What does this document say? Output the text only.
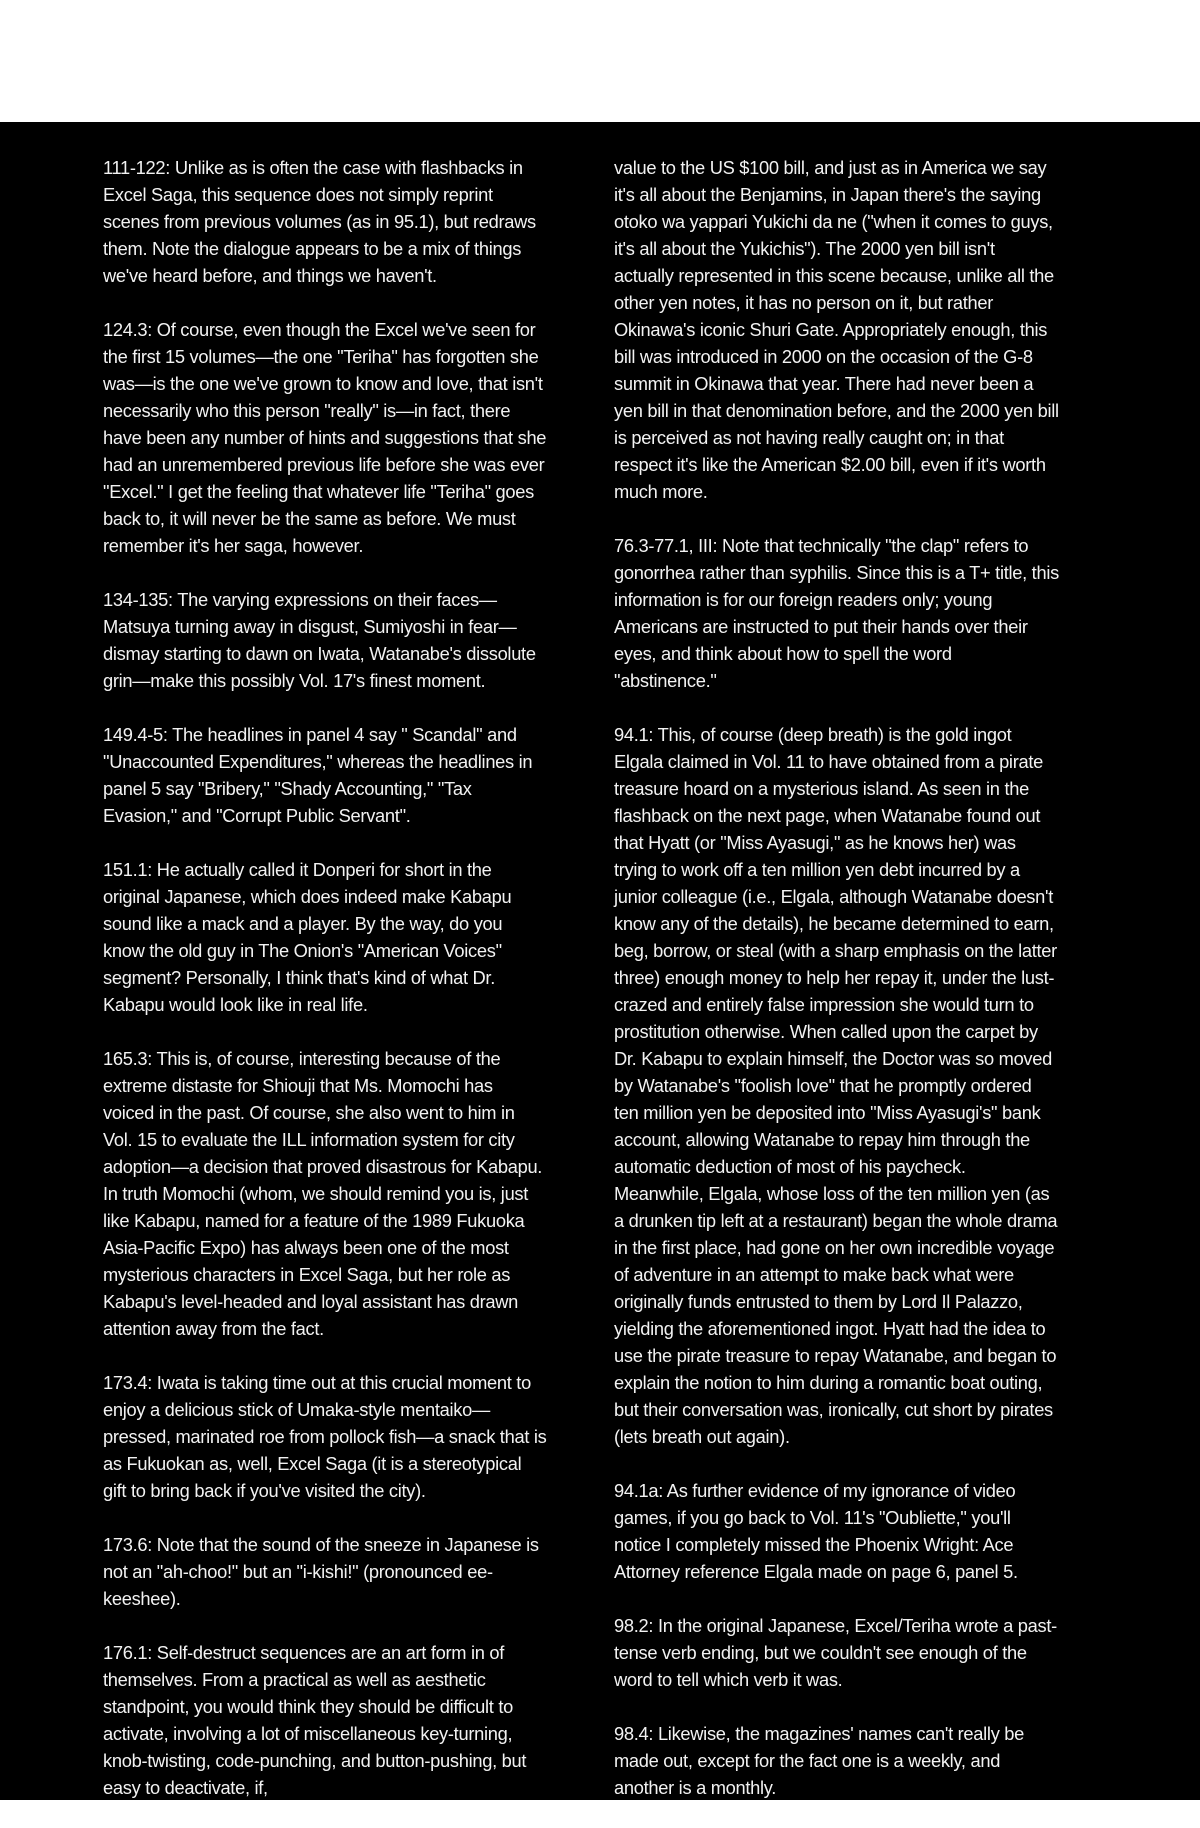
111-122: Unlike as is often the case with flashbacks in Excel Saga, this sequence does not simply reprint scenes from previous volumes (as in 95.1), but redraws them. Note the dialogue appears to be a mix of things we've heard before, and things we haven't.

124.3: Of course, even though the Excel we've seen for the first 15 volumes—the one "Teriha" has forgotten she was—is the one we've grown to know and love, that isn't necessarily who this person "really" is—in fact, there have been any number of hints and suggestions that she had an unremembered previous life before she was ever "Excel." I get the feeling that whatever life "Teriha" goes back to, it will never be the same as before. We must remember it's her saga, however.

134-135: The varying expressions on their faces—Matsuya turning away in disgust, Sumiyoshi in fear—dismay starting to dawn on Iwata, Watanabe's dissolute grin—make this possibly Vol. 17's finest moment.

149.4-5: The headlines in panel 4 say " Scandal" and "Unaccounted Expenditures," whereas the headlines in panel 5 say "Bribery," "Shady Accounting," "Tax Evasion," and "Corrupt Public Servant".

151.1: He actually called it Donperi for short in the original Japanese, which does indeed make Kabapu sound like a mack and a player. By the way, do you know the old guy in The Onion's "American Voices" segment? Personally, I think that's kind of what Dr. Kabapu would look like in real life.

165.3: This is, of course, interesting because of the extreme distaste for Shiouji that Ms. Momochi has voiced in the past. Of course, she also went to him in Vol. 15 to evaluate the ILL information system for city adoption—a decision that proved disastrous for Kabapu. In truth Momochi (whom, we should remind you is, just like Kabapu, named for a feature of the 1989 Fukuoka Asia-Pacific Expo) has always been one of the most mysterious characters in Excel Saga, but her role as Kabapu's level-headed and loyal assistant has drawn attention away from the fact.

173.4: Iwata is taking time out at this crucial moment to enjoy a delicious stick of Umaka-style mentaiko—pressed, marinated roe from pollock fish—a snack that is as Fukuokan as, well, Excel Saga (it is a stereotypical gift to bring back if you've visited the city).

173.6: Note that the sound of the sneeze in Japanese is not an "ah-choo!" but an "i-kishi!" (pronounced ee-keeshee).

176.1: Self-destruct sequences are an art form in of themselves. From a practical as well as aesthetic standpoint, you would think they should be difficult to activate, involving a lot of miscellaneous key-turning, knob-twisting, code-punching, and button-pushing, but easy to deactivate, if,

value to the US $100 bill, and just as in America we say it's all about the Benjamins, in Japan there's the saying otoko wa yappari Yukichi da ne ("when it comes to guys, it's all about the Yukichis"). The 2000 yen bill isn't actually represented in this scene because, unlike all the other yen notes, it has no person on it, but rather Okinawa's iconic Shuri Gate. Appropriately enough, this bill was introduced in 2000 on the occasion of the G-8 summit in Okinawa that year. There had never been a yen bill in that denomination before, and the 2000 yen bill is perceived as not having really caught on; in that respect it's like the American $2.00 bill, even if it's worth much more.

76.3-77.1, III: Note that technically "the clap" refers to gonorrhea rather than syphilis. Since this is a T+ title, this information is for our foreign readers only; young Americans are instructed to put their hands over their eyes, and think about how to spell the word "abstinence."

94.1: This, of course (deep breath) is the gold ingot Elgala claimed in Vol. 11 to have obtained from a pirate treasure hoard on a mysterious island. As seen in the flashback on the next page, when Watanabe found out that Hyatt (or "Miss Ayasugi," as he knows her) was trying to work off a ten million yen debt incurred by a junior colleague (i.e., Elgala, although Watanabe doesn't know any of the details), he became determined to earn, beg, borrow, or steal (with a sharp emphasis on the latter three) enough money to help her repay it, under the lust-crazed and entirely false impression she would turn to prostitution otherwise. When called upon the carpet by Dr. Kabapu to explain himself, the Doctor was so moved by Watanabe's "foolish love" that he promptly ordered ten million yen be deposited into "Miss Ayasugi's" bank account, allowing Watanabe to repay him through the automatic deduction of most of his paycheck. Meanwhile, Elgala, whose loss of the ten million yen (as a drunken tip left at a restaurant) began the whole drama in the first place, had gone on her own incredible voyage of adventure in an attempt to make back what were originally funds entrusted to them by Lord Il Palazzo, yielding the aforementioned ingot. Hyatt had the idea to use the pirate treasure to repay Watanabe, and began to explain the notion to him during a romantic boat outing, but their conversation was, ironically, cut short by pirates (lets breath out again).

94.1a: As further evidence of my ignorance of video games, if you go back to Vol. 11's "Oubliette," you'll notice I completely missed the Phoenix Wright: Ace Attorney reference Elgala made on page 6, panel 5.

98.2: In the original Japanese, Excel/Teriha wrote a past-tense verb ending, but we couldn't see enough of the word to tell which verb it was.

98.4: Likewise, the magazines' names can't really be made out, except for the fact one is a weekly, and another is a monthly.
